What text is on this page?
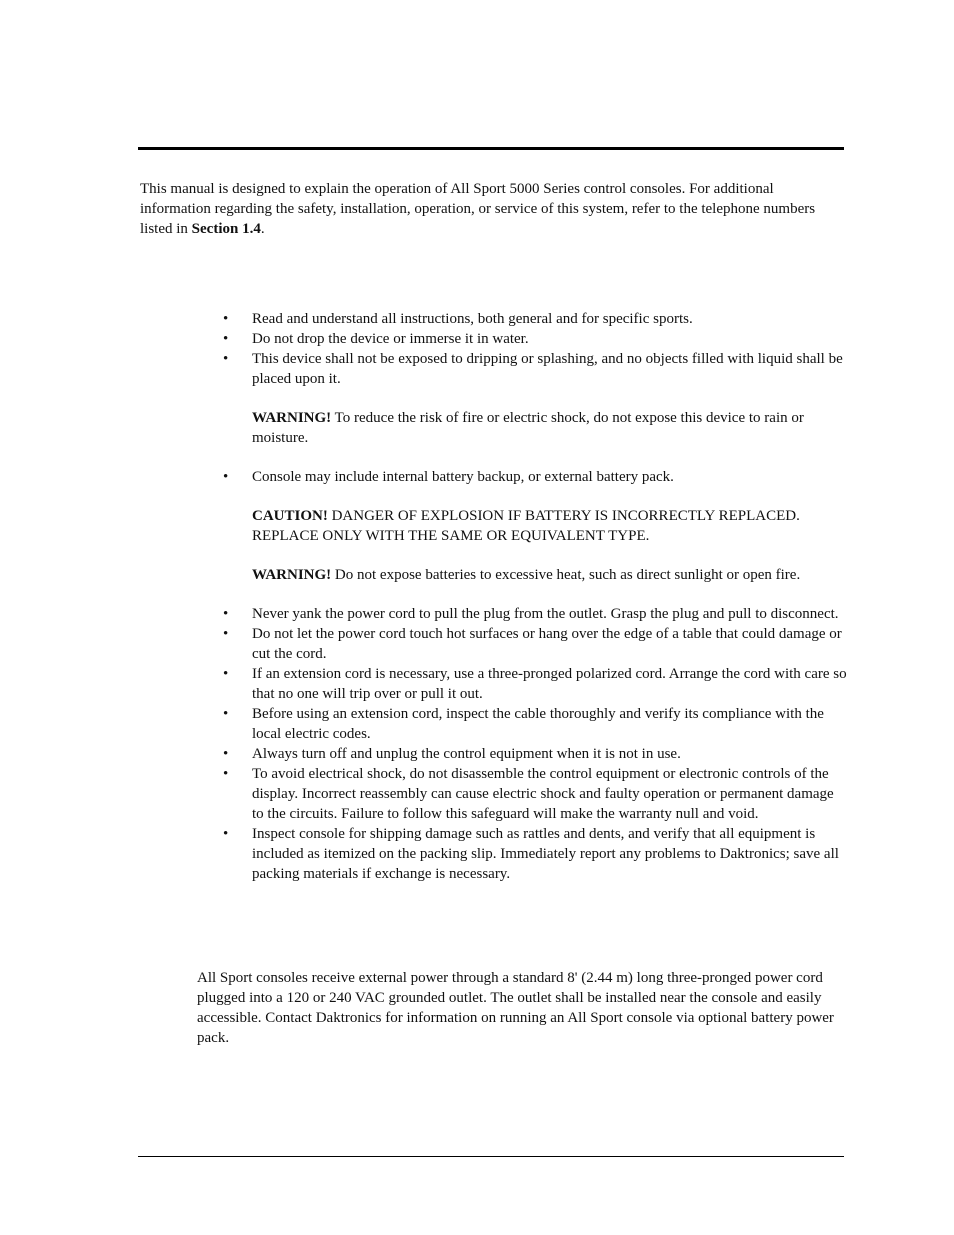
This manual is designed to explain the operation of All Sport 5000 Series control consoles. For additional information regarding the safety, installation, operation, or service of this system, refer to the telephone numbers listed in Section 1.4.

•	Read and understand all instructions, both general and for specific sports.
•	Do not drop the device or immerse it in water.
•	This device shall not be exposed to dripping or splashing, and no objects filled with liquid shall be placed upon it.

WARNING! To reduce the risk of fire or electric shock, do not expose this device to rain or moisture.

•	Console may include internal battery backup, or external battery pack.

CAUTION! DANGER OF EXPLOSION IF BATTERY IS INCORRECTLY REPLACED. REPLACE ONLY WITH THE SAME OR EQUIVALENT TYPE.

WARNING! Do not expose batteries to excessive heat, such as direct sunlight or open fire.

•	Never yank the power cord to pull the plug from the outlet. Grasp the plug and pull to disconnect.
•	Do not let the power cord touch hot surfaces or hang over the edge of a table that could damage or cut the cord.
•	If an extension cord is necessary, use a three-pronged polarized cord. Arrange the cord with care so that no one will trip over or pull it out.
•	Before using an extension cord, inspect the cable thoroughly and verify its compliance with the local electric codes.
•	Always turn off and unplug the control equipment when it is not in use.
•	To avoid electrical shock, do not disassemble the control equipment or electronic controls of the display. Incorrect reassembly can cause electric shock and faulty operation or permanent damage to the circuits. Failure to follow this safeguard will make the warranty null and void.
•	Inspect console for shipping damage such as rattles and dents, and verify that all equipment is included as itemized on the packing slip. Immediately report any problems to Daktronics; save all packing materials if exchange is necessary.

All Sport consoles receive external power through a standard 8' (2.44 m) long three-pronged power cord plugged into a 120 or 240 VAC grounded outlet. The outlet shall be installed near the console and easily accessible. Contact Daktronics for information on running an All Sport console via optional battery power pack.
